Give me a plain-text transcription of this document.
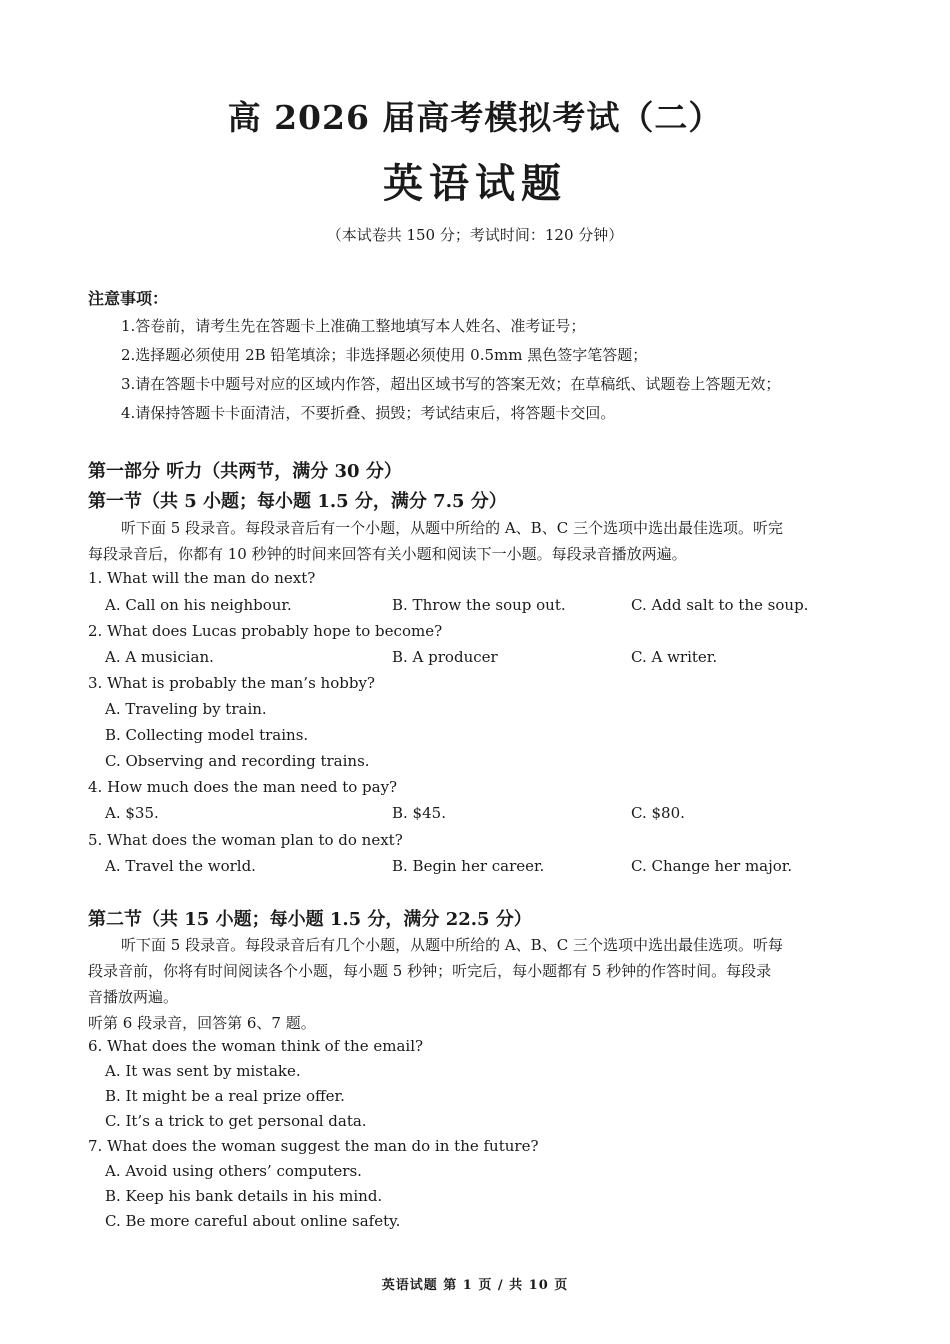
高 2026 届高考模拟考试（二）
英语试题
（本试卷共 150 分；考试时间：120 分钟）
注意事项：
1.答卷前，请考生先在答题卡上准确工整地填写本人姓名、准考证号；
2.选择题必须使用 2B 铅笔填涂；非选择题必须使用 0.5mm 黑色签字笔答题；
3.请在答题卡中题号对应的区域内作答，超出区域书写的答案无效；在草稿纸、试题卷上答题无效；
4.请保持答题卡卡面清洁，不要折叠、损毁；考试结束后，将答题卡交回。
第一部分 听力（共两节，满分 30 分）
第一节（共 5 小题；每小题 1.5 分，满分 7.5 分）
听下面 5 段录音。每段录音后有一个小题，从题中所给的 A、B、C 三个选项中选出最佳选项。听完
每段录音后，你都有 10 秒钟的时间来回答有关小题和阅读下一小题。每段录音播放两遍。
1. What will the man do next?
A. Call on his neighbour.	B. Throw the soup out.	C. Add salt to the soup.
2. What does Lucas probably hope to become?
A. A musician.	B. A producer	C. A writer.
3. What is probably the man’s hobby?
A. Traveling by train.
B. Collecting model trains.
C. Observing and recording trains.
4. How much does the man need to pay?
A. $35.	B. $45.	C. $80.
5. What does the woman plan to do next?
A. Travel the world.	B. Begin her career.	C. Change her major.
第二节（共 15 小题；每小题 1.5 分，满分 22.5 分）
听下面 5 段录音。每段录音后有几个小题，从题中所给的 A、B、C 三个选项中选出最佳选项。听每
段录音前，你将有时间阅读各个小题，每小题 5 秒钟；听完后，每小题都有 5 秒钟的作答时间。每段录
音播放两遍。
听第 6 段录音，回答第 6、7 题。
6. What does the woman think of the email?
A. It was sent by mistake.
B. It might be a real prize offer.
C. It’s a trick to get personal data.
7. What does the woman suggest the man do in the future?
A. Avoid using others’ computers.
B. Keep his bank details in his mind.
C. Be more careful about online safety.
英语试题 第 1 页 / 共 10 页
